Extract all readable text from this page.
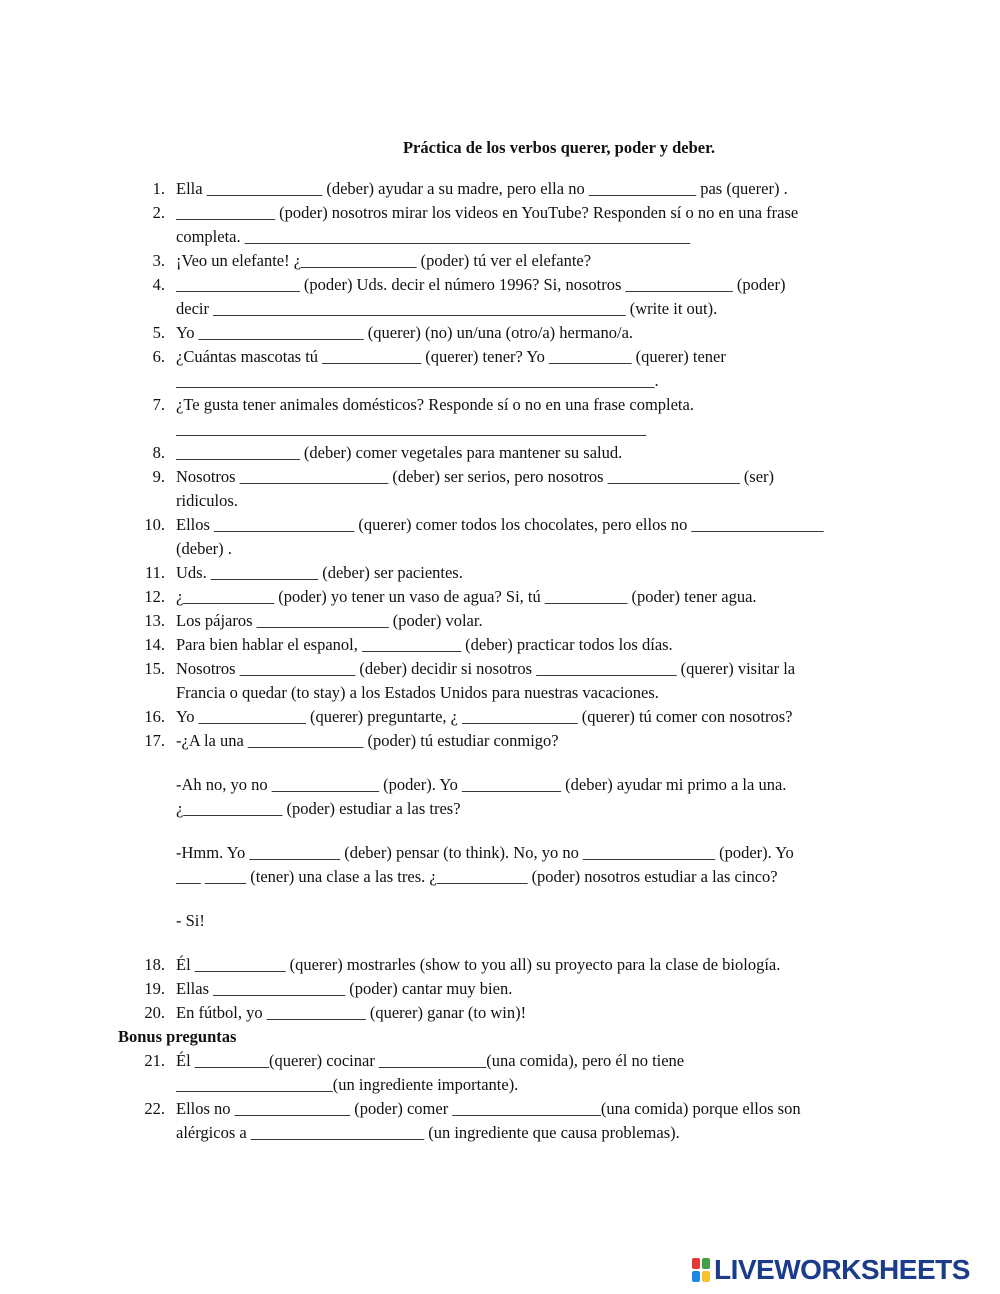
Práctica de los verbos querer, poder y deber.
1. Ella ______________ (deber) ayudar a su madre, pero ella no _____________ pas (querer) .
2. ____________ (poder) nosotros mirar los videos en YouTube? Responden sí o no en una frase
completa. ______________________________________________________
3. ¡Veo un elefante! ¿______________ (poder) tú ver el elefante?
4. _______________ (poder) Uds. decir el número 1996? Si, nosotros _____________ (poder)
decir __________________________________________________ (write it out).
5. Yo ____________________ (querer) (no) un/una (otro/a) hermano/a.
6. ¿Cuántas mascotas tú ____________ (querer) tener? Yo __________ (querer) tener
__________________________________________________________.
7. ¿Te gusta tener animales domésticos? Responde sí o no en una frase completa.
_________________________________________________________
8. _______________ (deber) comer vegetales para mantener su salud.
9. Nosotros __________________ (deber) ser serios, pero nosotros ________________ (ser)
ridiculos.
10. Ellos _________________ (querer) comer todos los chocolates, pero ellos no ________________
(deber) .
11. Uds. _____________ (deber) ser pacientes.
12. ¿___________ (poder) yo tener un vaso de agua? Si, tú __________ (poder) tener agua.
13. Los pájaros ________________ (poder) volar.
14. Para bien hablar el espanol, ____________ (deber) practicar todos los días.
15. Nosotros ______________ (deber) decidir si nosotros _________________ (querer) visitar la
Francia o quedar (to stay) a los Estados Unidos para nuestras vacaciones.
16. Yo _____________ (querer) preguntarte, ¿ ______________ (querer) tú comer con nosotros?
17. -¿A la una ______________ (poder) tú estudiar conmigo?
-Ah no, yo no _____________ (poder). Yo ____________ (deber) ayudar mi primo a la una.
¿____________ (poder) estudiar a las tres?
-Hmm. Yo ___________ (deber) pensar (to think). No, yo no ________________ (poder). Yo
___ _____ (tener) una clase a las tres. ¿___________ (poder) nosotros estudiar a las cinco?
- Si!
18. Él ___________ (querer) mostrarles (show to you all) su proyecto para la clase de biología.
19. Ellas ________________ (poder) cantar muy bien.
20. En fútbol, yo ____________ (querer) ganar (to win)!
Bonus preguntas
21. Él _________(querer) cocinar _____________(una comida), pero él no tiene
___________________(un ingrediente importante).
22. Ellos no ______________ (poder) comer __________________(una comida) porque ellos son
alérgicos a _____________________ (un ingrediente que causa problemas).
LIVEWORKSHEETS
